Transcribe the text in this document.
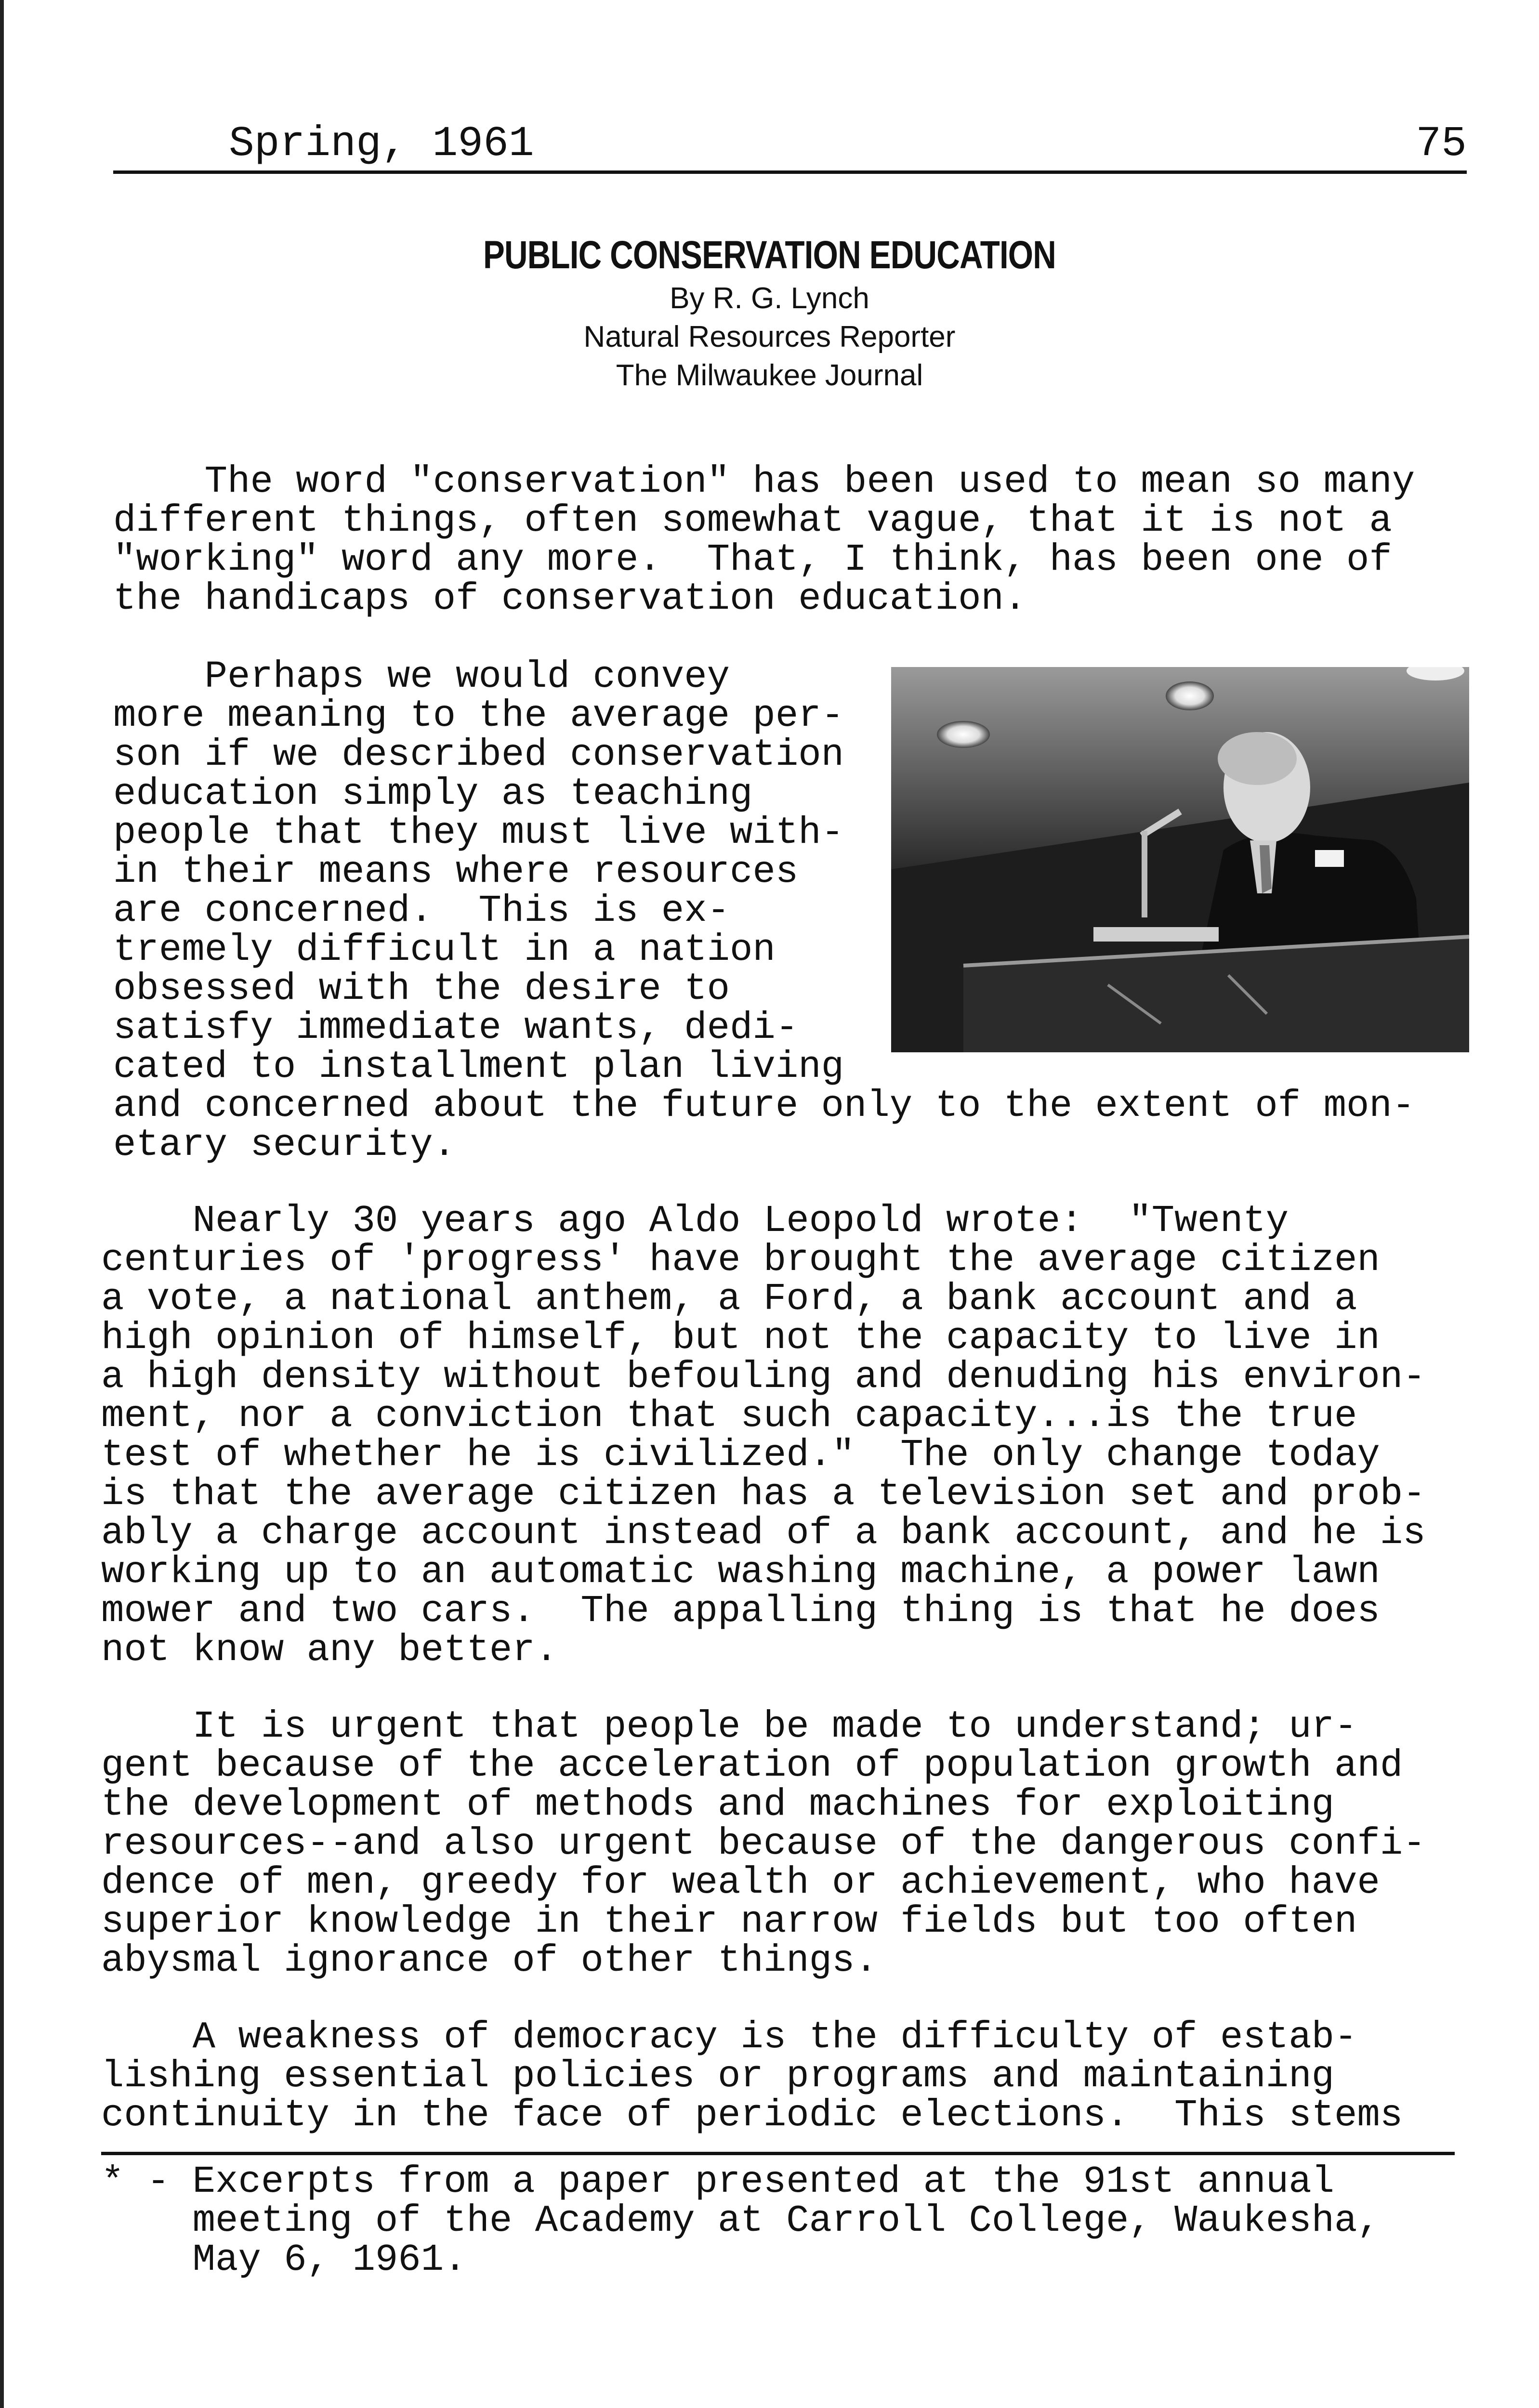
Spring, 1961	75
PUBLIC CONSERVATION EDUCATION
By R. G. Lynch
Natural Resources Reporter
The Milwaukee Journal
The word "conservation" has been used to mean so many
different things, often somewhat vague, that it is not a
"working" word any more.  That, I think, has been one of
the handicaps of conservation education.
Perhaps we would convey
more meaning to the average per-
son if we described conservation
education simply as teaching
people that they must live with-
in their means where resources
are concerned.  This is ex-
tremely difficult in a nation
obsessed with the desire to
satisfy immediate wants, dedi-
cated to installment plan living
and concerned about the future only to the extent of mon-
etary security.
Nearly 30 years ago Aldo Leopold wrote:  "Twenty
centuries of 'progress' have brought the average citizen
a vote, a national anthem, a Ford, a bank account and a
high opinion of himself, but not the capacity to live in
a high density without befouling and denuding his environ-
ment, nor a conviction that such capacity...is the true
test of whether he is civilized."  The only change today
is that the average citizen has a television set and prob-
ably a charge account instead of a bank account, and he is
working up to an automatic washing machine, a power lawn
mower and two cars.  The appalling thing is that he does
not know any better.
It is urgent that people be made to understand; ur-
gent because of the acceleration of population growth and
the development of methods and machines for exploiting
resources--and also urgent because of the dangerous confi-
dence of men, greedy for wealth or achievement, who have
superior knowledge in their narrow fields but too often
abysmal ignorance of other things.
A weakness of democracy is the difficulty of estab-
lishing essential policies or programs and maintaining
continuity in the face of periodic elections.  This stems
* - Excerpts from a paper presented at the 91st annual
meeting of the Academy at Carroll College, Waukesha,
May 6, 1961.
